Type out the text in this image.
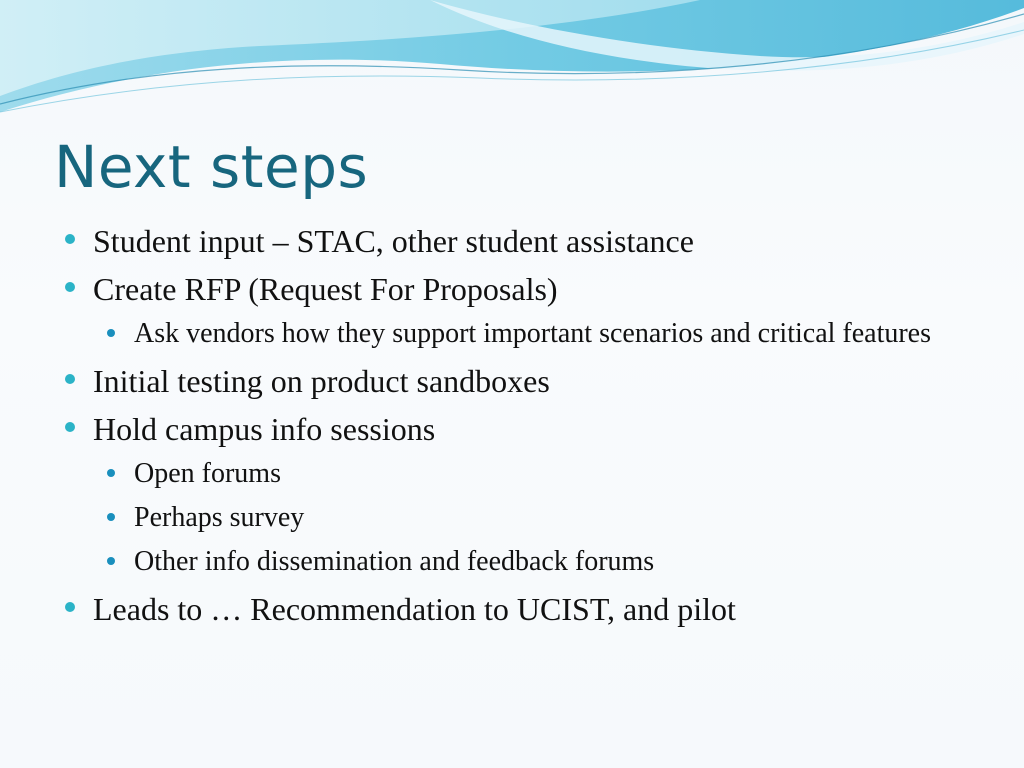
Next steps
Student input – STAC, other student assistance
Create RFP (Request For Proposals)
Ask vendors how they support important scenarios and critical features
Initial testing on product sandboxes
Hold campus info sessions
Open forums
Perhaps survey
Other info dissemination and feedback forums
Leads to … Recommendation to UCIST, and pilot
